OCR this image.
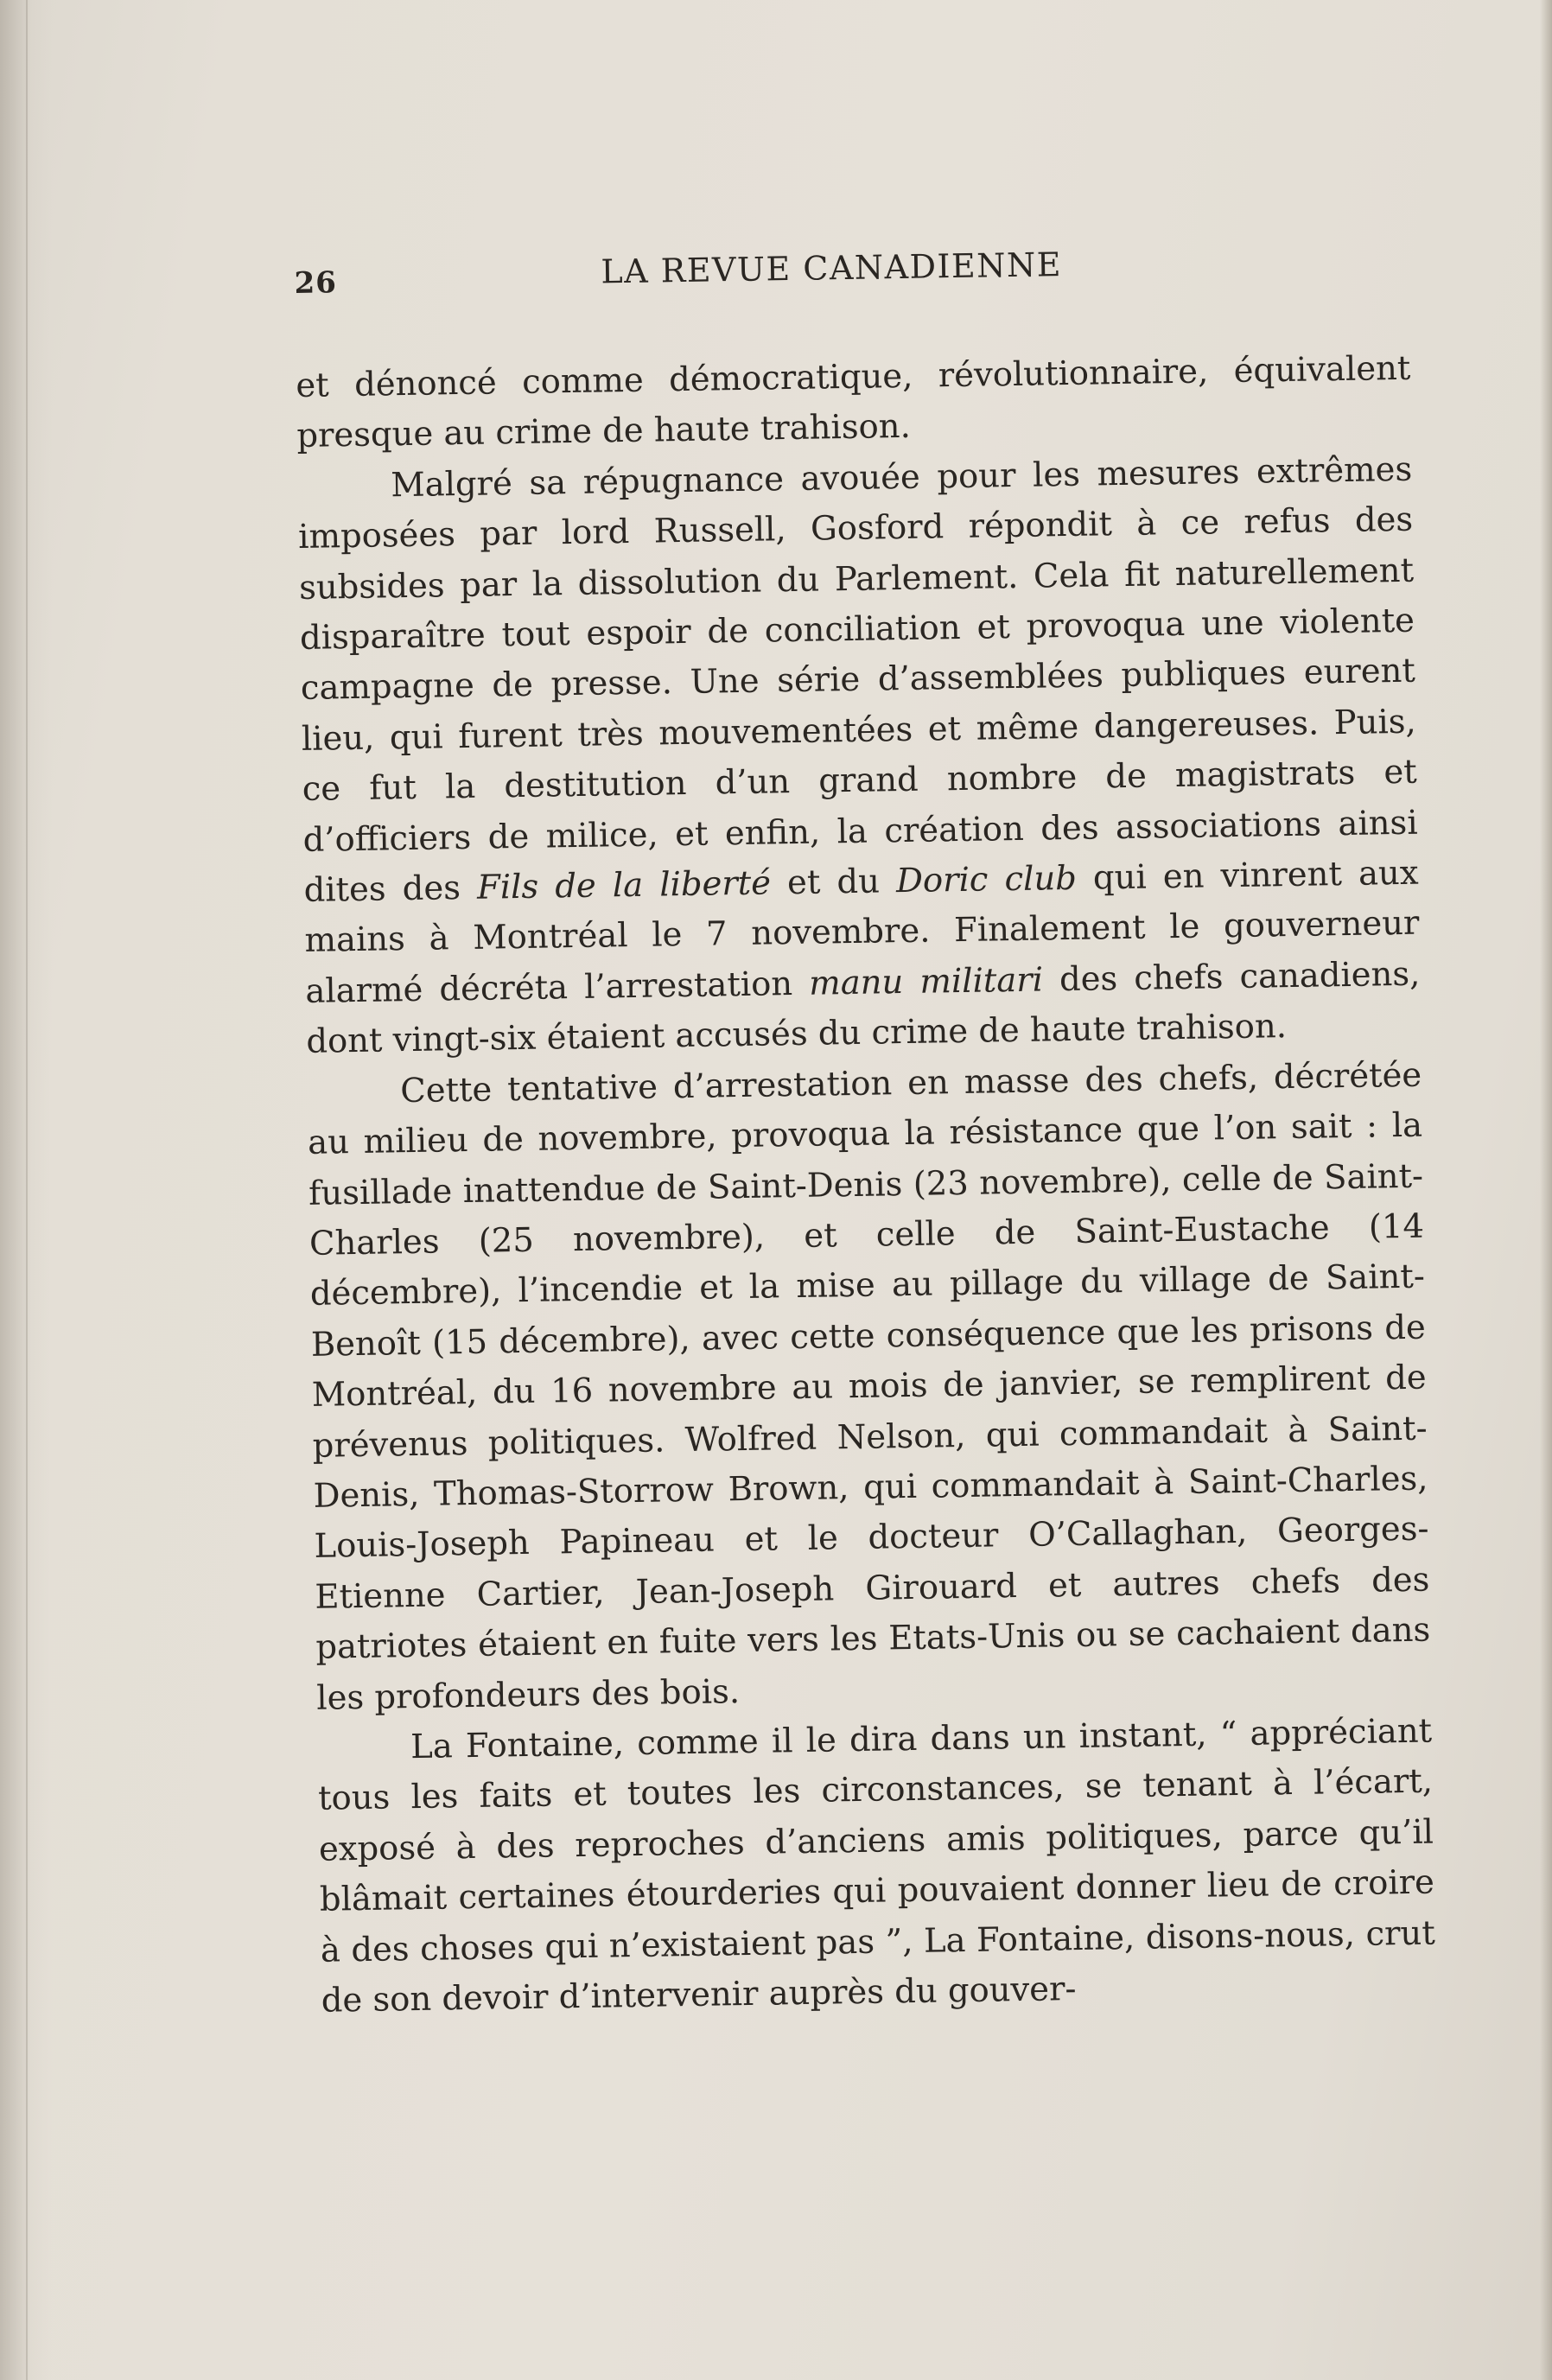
26	LA REVUE CANADIENNE

et dénoncé comme démocratique, révolutionnaire, équivalent presque au crime de haute trahison.

Malgré sa répugnance avouée pour les mesures extrêmes imposées par lord Russell, Gosford répondit à ce refus des subsides par la dissolution du Parlement. Cela fit naturellement disparaître tout espoir de conciliation et provoqua une violente campagne de presse. Une série d’assemblées publiques eurent lieu, qui furent très mouvementées et même dangereuses. Puis, ce fut la destitution d’un grand nombre de magistrats et d’officiers de milice, et enfin, la création des associations ainsi dites des Fils de la liberté et du Doric club qui en vinrent aux mains à Montréal le 7 novembre. Finalement le gouverneur alarmé décréta l’arrestation manu militari des chefs canadiens, dont vingt-six étaient accusés du crime de haute trahison.

Cette tentative d’arrestation en masse des chefs, décrétée au milieu de novembre, provoqua la résistance que l’on sait : la fusillade inattendue de Saint-Denis (23 novembre), celle de Saint-Charles (25 novembre), et celle de Saint-Eustache (14 décembre), l’incendie et la mise au pillage du village de Saint-Benoît (15 décembre), avec cette conséquence que les prisons de Montréal, du 16 novembre au mois de janvier, se remplirent de prévenus politiques. Wolfred Nelson, qui commandait à Saint-Denis, Thomas-Storrow Brown, qui commandait à Saint-Charles, Louis-Joseph Papineau et le docteur O’Callaghan, Georges-Etienne Cartier, Jean-Joseph Girouard et autres chefs des patriotes étaient en fuite vers les Etats-Unis ou se cachaient dans les profondeurs des bois.

La Fontaine, comme il le dira dans un instant, “ appréciant tous les faits et toutes les circonstances, se tenant à l’écart, exposé à des reproches d’anciens amis politiques, parce qu’il blâmait certaines étourderies qui pouvaient donner lieu de croire à des choses qui n’existaient pas ”, La Fontaine, disons-nous, crut de son devoir d’intervenir auprès du gouver-
